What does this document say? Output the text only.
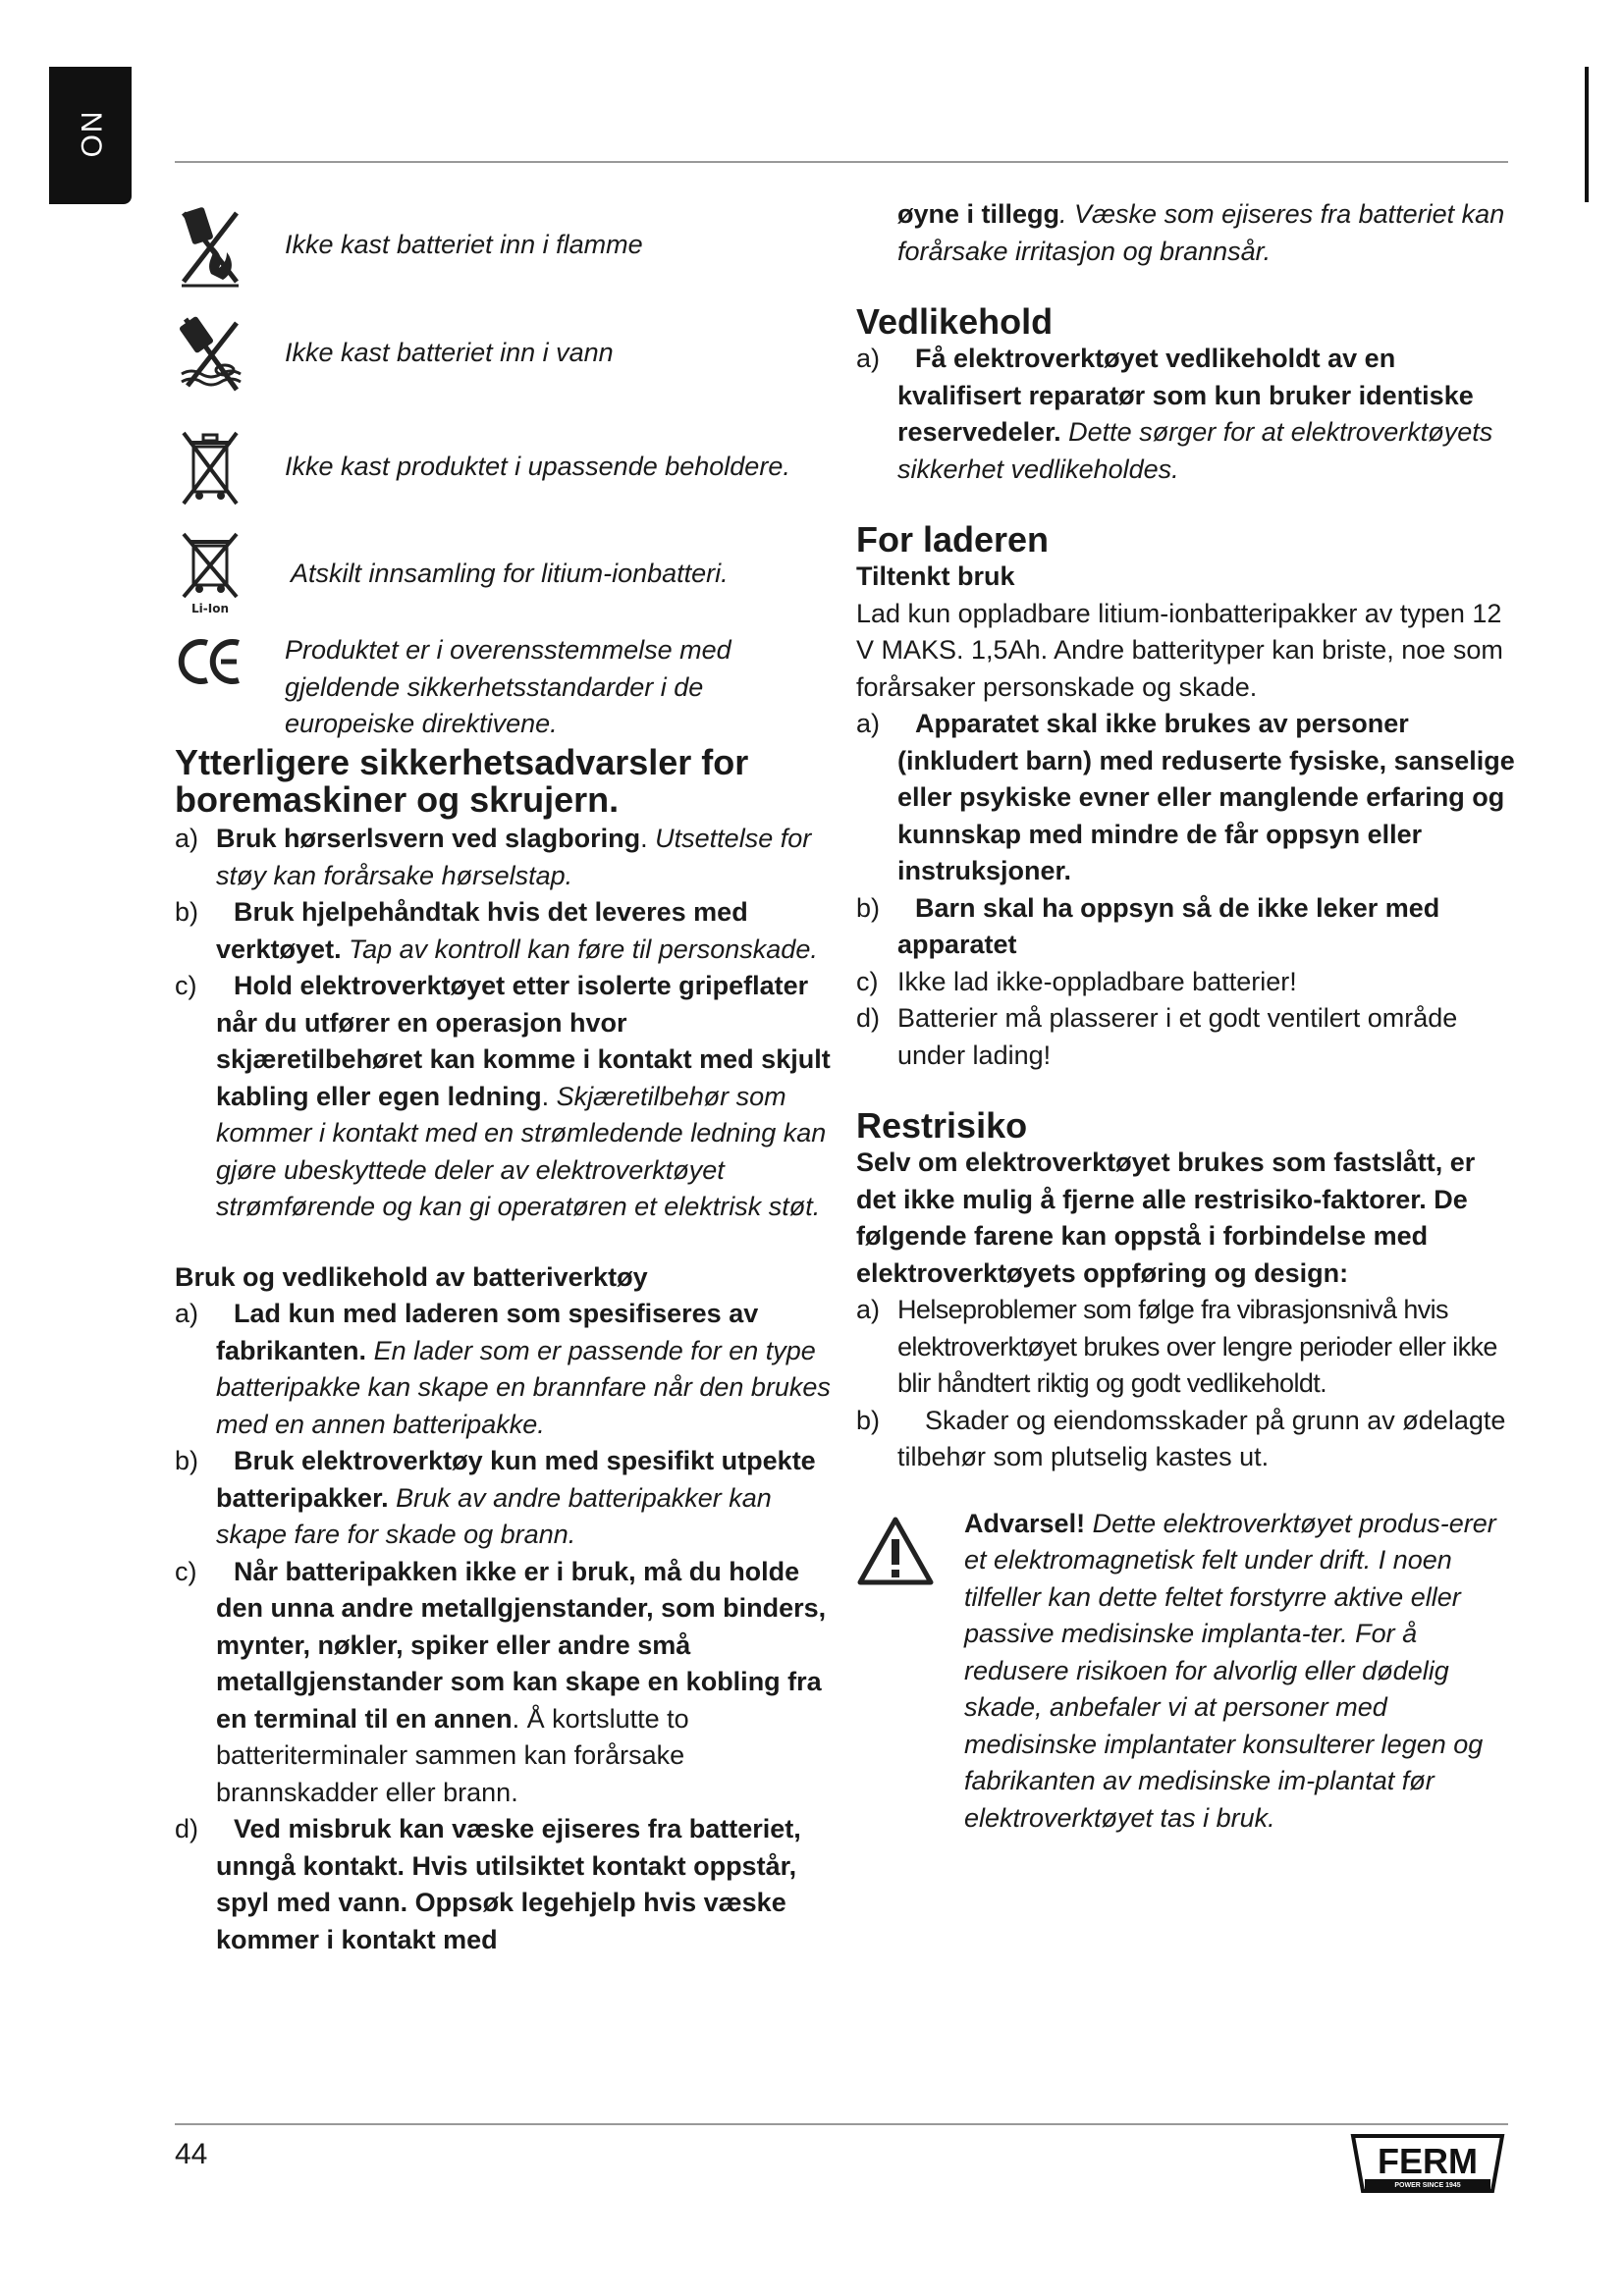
NO
Ikke kast batteriet inn i flamme
Ikke kast batteriet inn i vann
Ikke kast produktet i upassende beholdere.
Li-Ion
Atskilt innsamling for litium-ionbatteri.
Produktet er i overensstemmelse med gjeldende sikkerhetsstandarder i de europeiske direktivene.
Ytterligere sikkerhetsadvarsler for boremaskiner og skrujern.
a) Bruk hørserlsvern ved slagboring. Utsettelse for støy kan forårsake hørselstap.
b)	Bruk hjelpehåndtak hvis det leveres med verktøyet. Tap av kontroll kan føre til personskade.
c)	Hold elektroverktøyet etter isolerte gripeflater når du utfører en operasjon hvor skjæretilbehøret kan komme i kontakt med skjult kabling eller egen ledning. Skjæretilbehør som kommer i kontakt med en strømledende ledning kan gjøre ubeskyttede deler av elektroverktøyet strømførende og kan gi operatøren et elektrisk støt.
Bruk og vedlikehold av batteriverktøy
a)	Lad kun med laderen som spesifiseres av fabrikanten. En lader som er passende for en type batteripakke kan skape en brannfare når den brukes med en annen batteripakke.
b)	Bruk elektroverktøy kun med spesifikt utpekte batteripakker. Bruk av andre batteripakker kan skape fare for skade og brann.
c)	Når batteripakken ikke er i bruk, må du holde den unna andre metallgjenstander, som binders, mynter, nøkler, spiker eller andre små metallgjenstander som kan skape en kobling fra en terminal til en annen. Å kortslutte to batteriterminaler sammen kan forårsake brannskadder eller brann.
d)	Ved misbruk kan væske ejiseres fra batteriet, unngå kontakt. Hvis utilsiktet kontakt oppstår, spyl med vann. Oppsøk legehjelp hvis væske kommer i kontakt med
øyne i tillegg. Væske som ejiseres fra batteriet kan forårsake irritasjon og brannsår.
Vedlikehold
a)	Få elektroverktøyet vedlikeholdt av en kvalifisert reparatør som kun bruker identiske reservedeler. Dette sørger for at elektroverktøyets sikkerhet vedlikeholdes.
For laderen
Tiltenkt bruk
Lad kun oppladbare litium-ionbatteripakker av typen 12 V MAKS. 1,5Ah. Andre batterityper kan briste, noe som forårsaker personskade og skade.
a)	Apparatet skal ikke brukes av personer (inkludert barn) med reduserte fysiske, sanselige eller psykiske evner eller manglende erfaring og kunnskap med mindre de får oppsyn eller instruksjoner.
b)	Barn skal ha oppsyn så de ikke leker med apparatet
c) Ikke lad ikke-oppladbare batterier!
d) Batterier må plasserer i et godt ventilert område under lading!
Restrisiko
Selv om elektroverktøyet brukes som fastslått, er det ikke mulig å fjerne alle restrisiko-faktorer. De følgende farene kan oppstå i forbindelse med elektroverktøyets oppføring og design:
a) Helseproblemer som følge fra vibrasjonsnivå hvis elektroverktøyet brukes over lengre perioder eller ikke blir håndtert riktig og godt vedlikeholdt.
b)	Skader og eiendomsskader på grunn av ødelagte tilbehør som plutselig kastes ut.
Advarsel! Dette elektroverktøyet produs-erer et elektromagnetisk felt under drift. I noen tilfeller kan dette feltet forstyrre aktive eller passive medisinske implanta-ter. For å redusere risikoen for alvorlig eller dødelig skade, anbefaler vi at personer med medisinske implantater konsulterer legen og fabrikanten av medisinske im-plantat før elektroverktøyet tas i bruk.
44	FERM
POWER SINCE 1945
